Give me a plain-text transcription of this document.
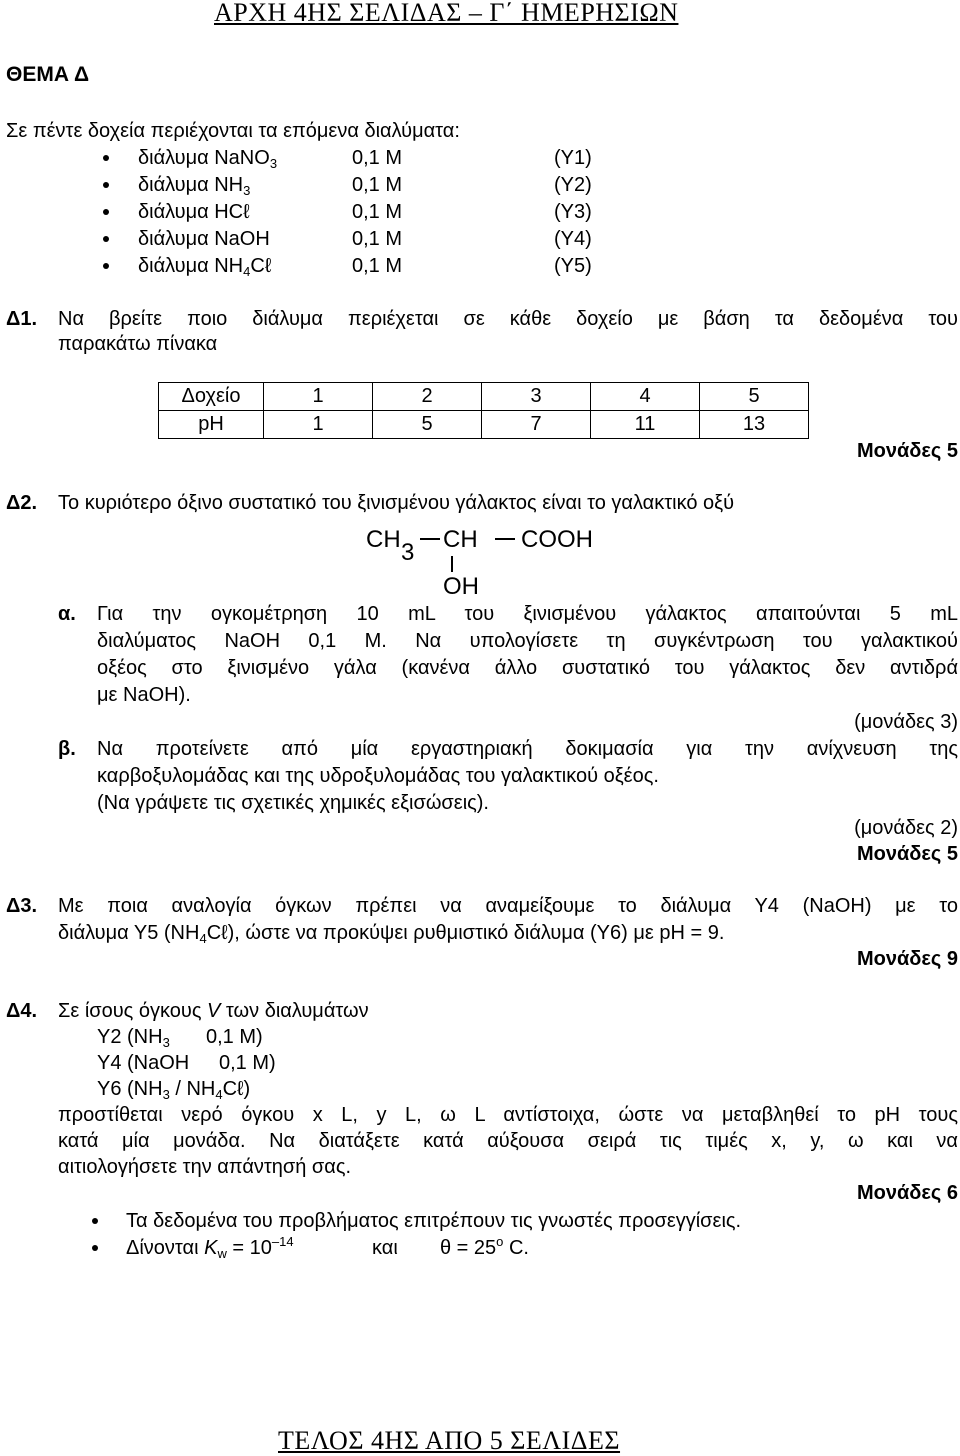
ΑΡΧΗ 4ΗΣ ΣΕΛΙΔΑΣ – Γ΄ ΗΜΕΡΗΣΙΩΝ
ΘΕΜΑ Δ
Σε πέντε δοχεία περιέχονται τα επόμενα διαλύματα:
διάλυμα NaNO$_3$	0,1 M	(Υ1)
διάλυμα $NH_3$	0,1 M	(Υ2)
διάλυμα HCℓ	0,1 M	(Υ3)
διάλυμα NaOH	0,1 M	(Υ4)
διάλυμα $NH_4C\ell$	0,1 M	(Υ5)
Δ1. Να βρείτε ποιο διάλυμα περιέχεται σε κάθε δοχείο με βάση τα δεδομένα του
παρακάτω πίνακα
Δοχείο	1	2	3	4	5
pH	1	5	7	11	13
Μονάδες 5
Δ2. Το κυριότερο όξινο συστατικό του ξινισμένου γάλακτος είναι το γαλακτικό οξύ
CH 3 CH COOH
OH
α. Για την ογκομέτρηση 10 mL του ξινισμένου γάλακτος απαιτούνται 5 mL
διαλύματος NaOH 0,1 M. Να υπολογίσετε τη συγκέντρωση του γαλακτικού
οξέος στο ξινισμένο γάλα (κανένα άλλο συστατικό του γάλακτος δεν αντιδρά
με NaOH).
(μονάδες 3)
β. Να προτείνετε από μία εργαστηριακή δοκιμασία για την ανίχνευση της
καρβοξυλομάδας και της υδροξυλομάδας του γαλακτικού οξέος.
(Να γράψετε τις σχετικές χημικές εξισώσεις).
(μονάδες 2)
Μονάδες 5
Δ3. Με ποια αναλογία όγκων πρέπει να αναμείξουμε το διάλυμα Υ4 (NaOH) με το
διάλυμα Υ5 $(NH_4C\ell)$, ώστε να προκύψει ρυθμιστικό διάλυμα (Υ6) με pH = 9.
Μονάδες 9
Δ4. Σε ίσους όγκους V των διαλυμάτων
Υ2 ($NH_3$ 0,1 M)
Υ4 (NaOH 0,1 M)
Υ6 ($NH_3$ / $NH_4C\ell$)
προστίθεται νερό όγκου x L, y L, ω L αντίστοιχα, ώστε να μεταβληθεί το pH τους
κατά μία μονάδα. Να διατάξετε κατά αύξουσα σειρά τις τιμές x, y, ω και να
αιτιολογήσετε την απάντησή σας.
Μονάδες 6
Τα δεδομένα του προβλήματος επιτρέπουν τις γνωστές προσεγγίσεις.
Δίνονται $K_w = 10^{-14}$	και $\theta = 25^o$ C.
ΤΕΛΟΣ 4ΗΣ ΑΠΟ 5 ΣΕΛΙΔΕΣ
